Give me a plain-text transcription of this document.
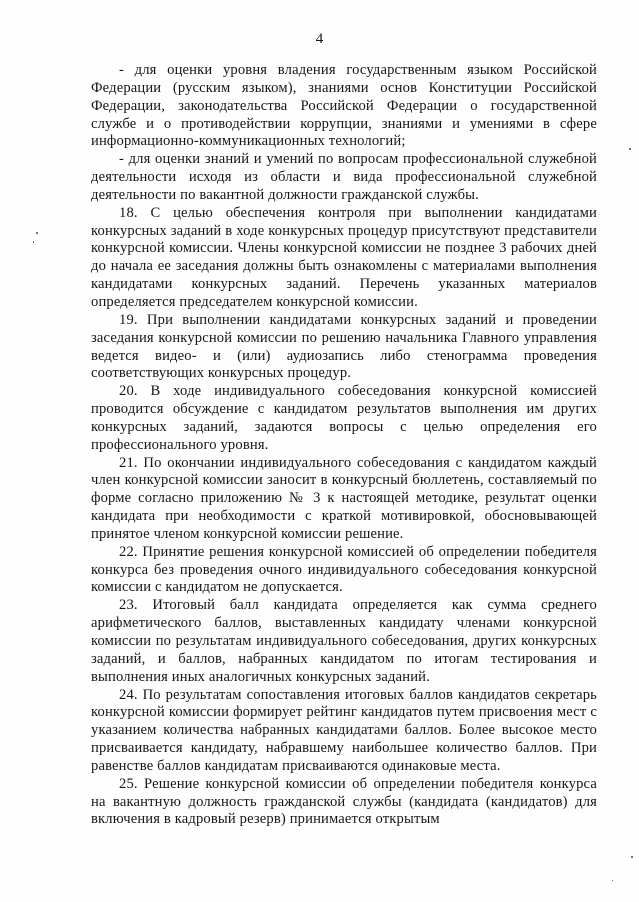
4

- для оценки уровня владения государственным языком Российской Федерации (русским языком), знаниями основ Конституции Российской Федерации, законодательства Российской Федерации о государственной службе и о противодействии коррупции, знаниями и умениями в сфере информационно-коммуникационных технологий;

- для оценки знаний и умений по вопросам профессиональной служебной деятельности исходя из области и вида профессиональной служебной деятельности по вакантной должности гражданской службы.

18. С целью обеспечения контроля при выполнении кандидатами конкурсных заданий в ходе конкурсных процедур присутствуют представители конкурсной комиссии. Члены конкурсной комиссии не позднее 3 рабочих дней до начала ее заседания должны быть ознакомлены с материалами выполнения кандидатами конкурсных заданий. Перечень указанных материалов определяется председателем конкурсной комиссии.

19. При выполнении кандидатами конкурсных заданий и проведении заседания конкурсной комиссии по решению начальника Главного управления ведется видео- и (или) аудиозапись либо стенограмма проведения соответствующих конкурсных процедур.

20. В ходе индивидуального собеседования конкурсной комиссией проводится обсуждение с кандидатом результатов выполнения им других конкурсных заданий, задаются вопросы с целью определения его профессионального уровня.

21. По окончании индивидуального собеседования с кандидатом каждый член конкурсной комиссии заносит в конкурсный бюллетень, составляемый по форме согласно приложению № 3 к настоящей методике, результат оценки кандидата при необходимости с краткой мотивировкой, обосновывающей принятое членом конкурсной комиссии решение.

22. Принятие решения конкурсной комиссией об определении победителя конкурса без проведения очного индивидуального собеседования конкурсной комиссии с кандидатом не допускается.

23. Итоговый балл кандидата определяется как сумма среднего арифметического баллов, выставленных кандидату членами конкурсной комиссии по результатам индивидуального собеседования, других конкурсных заданий, и баллов, набранных кандидатом по итогам тестирования и выполнения иных аналогичных конкурсных заданий.

24. По результатам сопоставления итоговых баллов кандидатов секретарь конкурсной комиссии формирует рейтинг кандидатов путем присвоения мест с указанием количества набранных кандидатами баллов. Более высокое место присваивается кандидату, набравшему наибольшее количество баллов. При равенстве баллов кандидатам присваиваются одинаковые места.

25. Решение конкурсной комиссии об определении победителя конкурса на вакантную должность гражданской службы (кандидата (кандидатов) для включения в кадровый резерв) принимается открытым
